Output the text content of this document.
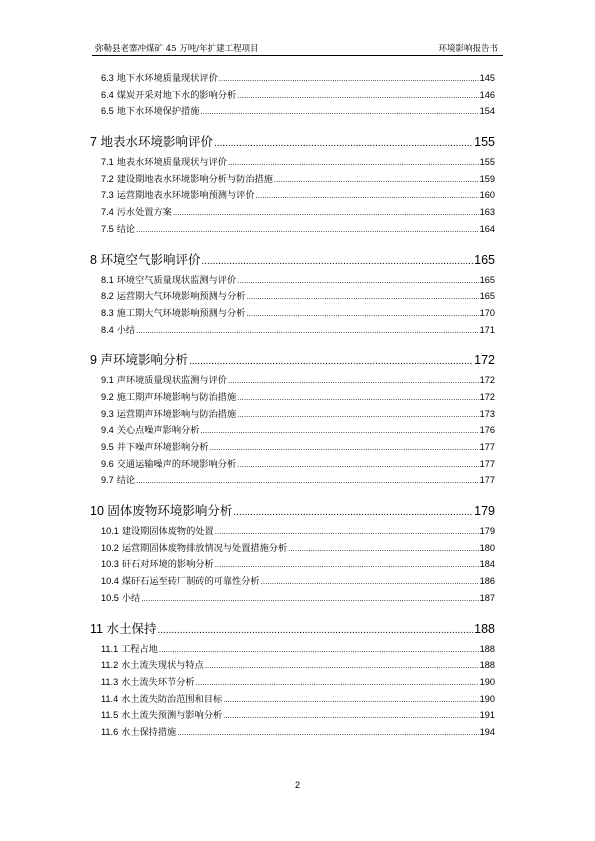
弥勒县老寨冲煤矿 45 万吨/年扩建工程项目	环境影响报告书
6.3 地下水环境质量现状评价 .....	145
6.4 煤炭开采对地下水的影响分析 .....	146
6.5 地下水环境保护措施 .....	154
7 地表水环境影响评价 .....	155
7.1 地表水环境质量现状与评价 .....	155
7.2 建设期地表水环境影响分析与防治措施 .....	159
7.3 运营期地表水环境影响预测与评价 .....	160
7.4 污水处置方案 .....	163
7.5 结论 .....	164
8 环境空气影响评价 .....	165
8.1 环境空气质量现状监测与评价 .....	165
8.2 运营期大气环境影响预测与分析 .....	165
8.3 施工期大气环境影响预测与分析 .....	170
8.4 小结 .....	171
9 声环境影响分析 .....	172
9.1 声环境质量现状监测与评价 .....	172
9.2 施工期声环境影响与防治措施 .....	172
9.3 运营期声环境影响与防治措施 .....	173
9.4 关心点噪声影响分析 .....	176
9.5 井下噪声环境影响分析 .....	177
9.6 交通运输噪声的环境影响分析 .....	177
9.7 结论 .....	177
10 固体废物环境影响分析 .....	179
10.1 建设期固体废物的处置 .....	179
10.2 运营期固体废物排放情况与处置措施分析 .....	180
10.3 矸石对环境的影响分析 .....	184
10.4 煤矸石运至砖厂制砖的可靠性分析 .....	186
10.5 小结 .....	187
11 水土保持 .....	188
11.1 工程占地 .....	188
11.2 水土流失现状与特点 .....	188
11.3 水土流失环节分析 .....	190
11.4 水土流失防治范围和目标 .....	190
11.5 水土流失预测与影响分析 .....	191
11.6 水土保持措施 .....	194
2
